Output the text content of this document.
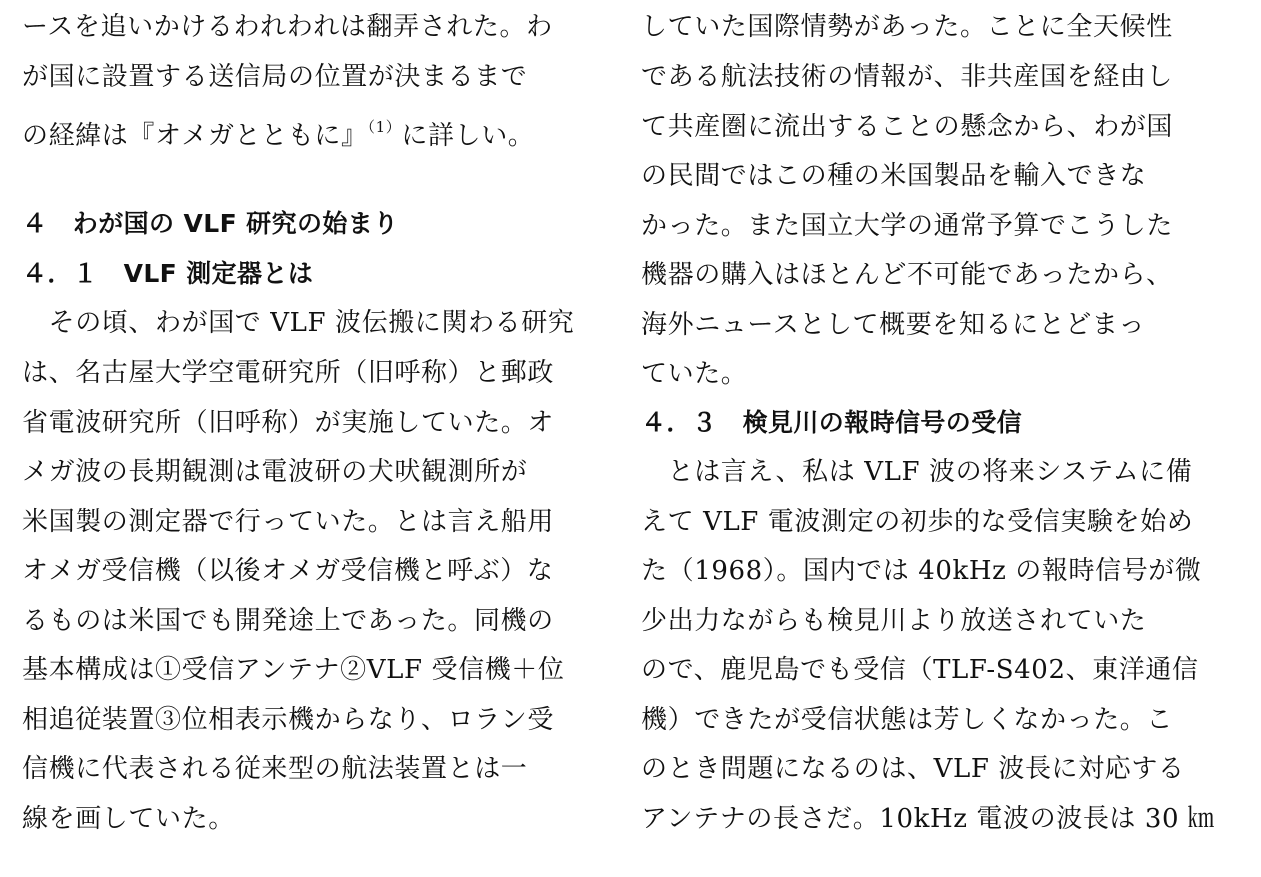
ースを追いかけるわれわれは翻弄された。わ
が国に設置する送信局の位置が決まるまで
の経緯は『オメガとともに』$^{(1)}$に詳しい。
４　わが国の VLF 研究の始まり
４．１　VLF 測定器とは
　その頃、わが国で VLF 波伝搬に関わる研究
は、名古屋大学空電研究所（旧呼称）と郵政
省電波研究所（旧呼称）が実施していた。オ
メガ波の長期観測は電波研の犬吠観測所が
米国製の測定器で行っていた。とは言え船用
オメガ受信機（以後オメガ受信機と呼ぶ）な
るものは米国でも開発途上であった。同機の
基本構成は①受信アンテナ②VLF 受信機＋位
相追従装置③位相表示機からなり、ロラン受
信機に代表される従来型の航法装置とは一
線を画していた。
していた国際情勢があった。ことに全天候性
である航法技術の情報が、非共産国を経由し
て共産圏に流出することの懸念から、わが国
の民間ではこの種の米国製品を輸入できな
かった。また国立大学の通常予算でこうした
機器の購入はほとんど不可能であったから、
海外ニュースとして概要を知るにとどまっ
ていた。
４．３　検見川の報時信号の受信
　とは言え、私は VLF 波の将来システムに備
えて VLF 電波測定の初歩的な受信実験を始め
た（1968）。国内では 40kHz の報時信号が微
少出力ながらも検見川より放送されていた
ので、鹿児島でも受信（TLF-S402、東洋通信
機）できたが受信状態は芳しくなかった。こ
のとき問題になるのは、VLF 波長に対応する
アンテナの長さだ。10kHz 電波の波長は 30 ㎞
